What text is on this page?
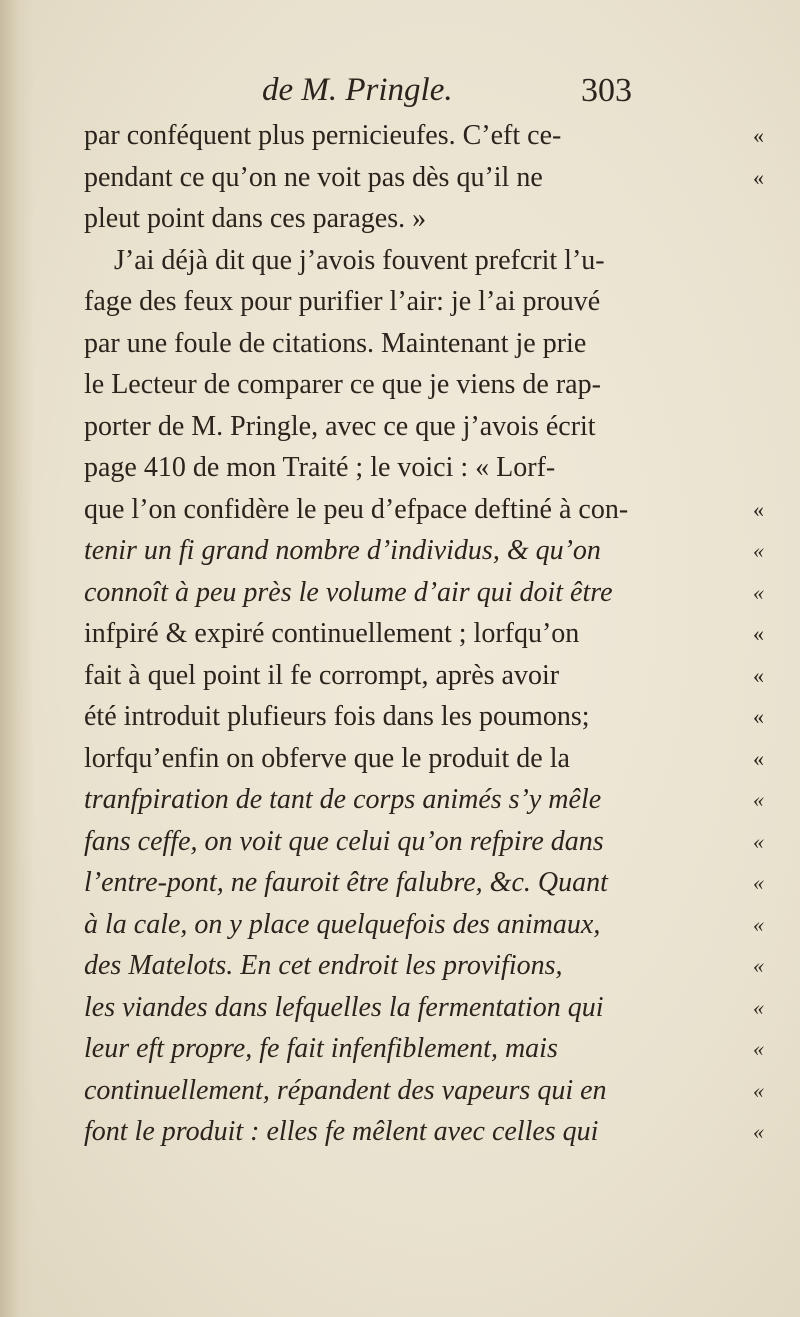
de M. Pringle.	303
par conféquent plus pernicieufes. C’eft ce-	«
pendant ce qu’on ne voit pas dès qu’il ne	«
pleut point dans ces parages. »
J’ai déjà dit que j’avois fouvent prefcrit l’u-
fage des feux pour purifier l’air: je l’ai prouvé
par une foule de citations. Maintenant je prie
le Lecteur de comparer ce que je viens de rap-
porter de M. Pringle, avec ce que j’avois écrit
page 410 de mon Traité ; le voici : « Lorf-
que l’on confidère le peu d’efpace deftiné à con-	«
tenir un fi grand nombre d’individus, & qu’on	«
connoît à peu près le volume d’air qui doit être	«
infpiré & expiré continuellement ; lorfqu’on	«
fait à quel point il fe corrompt, après avoir	«
été introduit plufieurs fois dans les poumons;	«
lorfqu’enfin on obferve que le produit de la	«
tranfpiration de tant de corps animés s’y mêle	«
fans ceffe, on voit que celui qu’on refpire dans	«
l’entre-pont, ne fauroit être falubre, &c. Quant	«
à la cale, on y place quelquefois des animaux,	«
des Matelots. En cet endroit les provifions,	«
les viandes dans lefquelles la fermentation qui	«
leur eft propre, fe fait infenfiblement, mais	«
continuellement, répandent des vapeurs qui en	«
font le produit : elles fe mêlent avec celles qui	«
